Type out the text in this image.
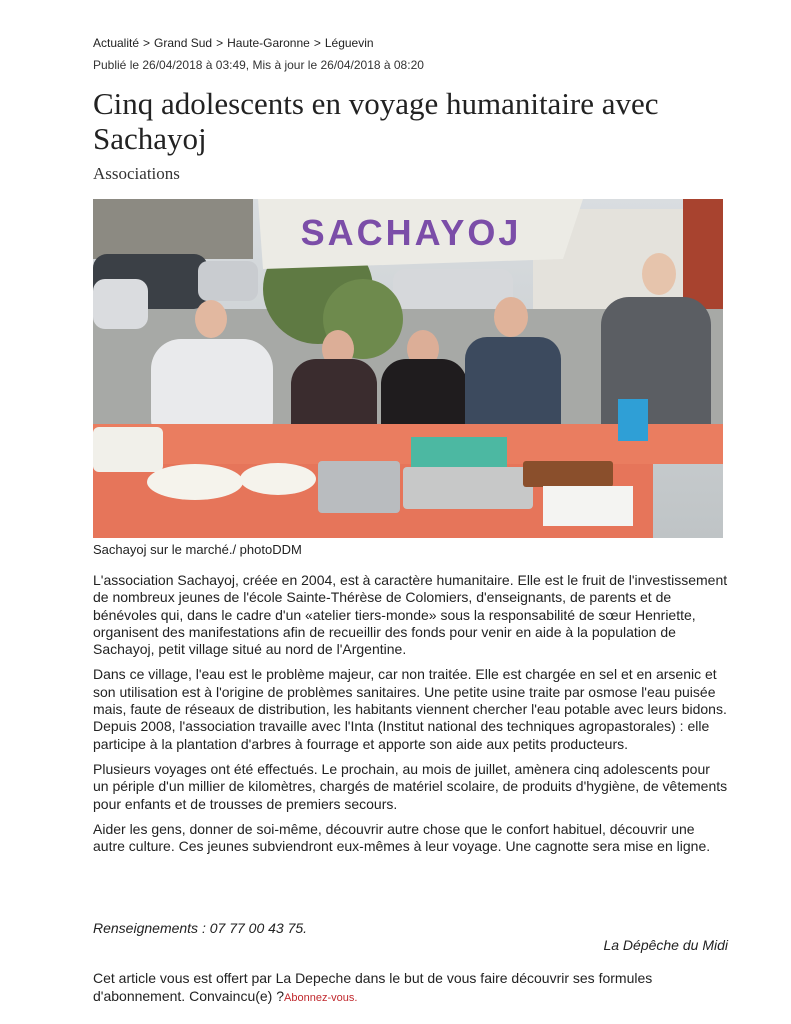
Actualité > Grand Sud > Haute-Garonne > Léguevin
Publié le 26/04/2018 à 03:49, Mis à jour le 26/04/2018 à 08:20
Cinq adolescents en voyage humanitaire avec Sachayoj
Associations
SACHAYOJ
Sachayoj sur le marché./ photoDDM

L'association Sachayoj, créée en 2004, est à caractère humanitaire. Elle est le fruit de l'investissement de nombreux jeunes de l'école Sainte-Thérèse de Colomiers, d'enseignants, de parents et de bénévoles qui, dans le cadre d'un «atelier tiers-monde» sous la responsabilité de sœur Henriette, organisent des manifestations afin de recueillir des fonds pour venir en aide à la population de Sachayoj, petit village situé au nord de l'Argentine.

Dans ce village, l'eau est le problème majeur, car non traitée. Elle est chargée en sel et en arsenic et son utilisation est à l'origine de problèmes sanitaires. Une petite usine traite par osmose l'eau puisée mais, faute de réseaux de distribution, les habitants viennent chercher l'eau potable avec leurs bidons. Depuis 2008, l'association travaille avec l'Inta (Institut national des techniques agropastorales) : elle participe à la plantation d'arbres à fourrage et apporte son aide aux petits producteurs.

Plusieurs voyages ont été effectués. Le prochain, au mois de juillet, amènera cinq adolescents pour un périple d'un millier de kilomètres, chargés de matériel scolaire, de produits d'hygiène, de vêtements pour enfants et de trousses de premiers secours.

Aider les gens, donner de soi-même, découvrir autre chose que le confort habituel, découvrir une autre culture. Ces jeunes subviendront eux-mêmes à leur voyage. Une cagnotte sera mise en ligne.

Renseignements : 07 77 00 43 75.
La Dépêche du Midi
Cet article vous est offert par La Depeche dans le but de vous faire découvrir ses formules d'abonnement. Convaincu(e) ?Abonnez-vous.
